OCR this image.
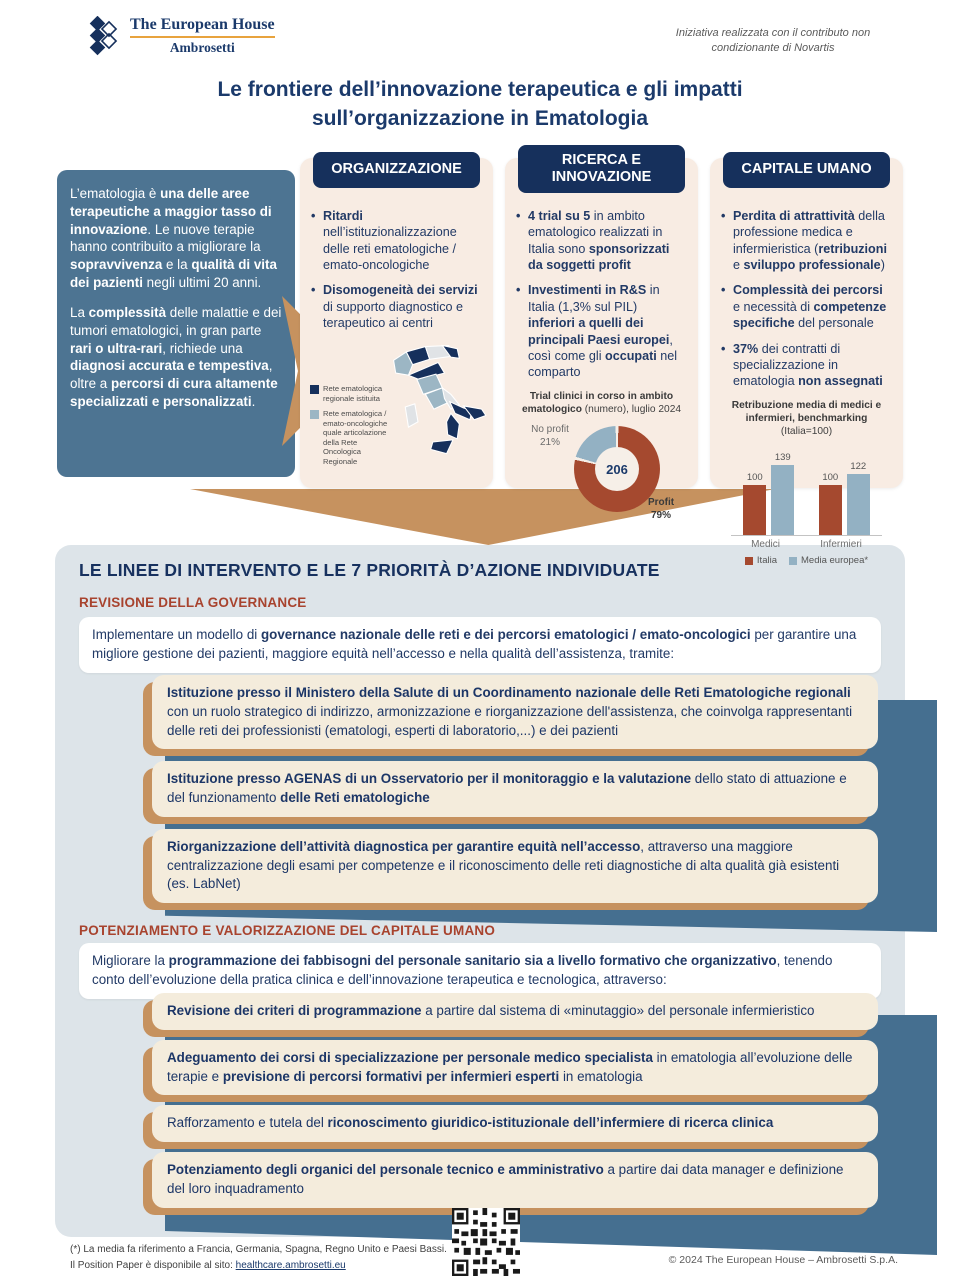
The European House
Ambrosetti
Iniziativa realizzata con il contributo non condizionante di Novartis
Le frontiere dell’innovazione terapeutica e gli impatti
sull’organizzazione in Ematologia

L’ematologia è una delle aree terapeutiche a maggior tasso di innovazione. Le nuove terapie hanno contribuito a migliorare la sopravvivenza e la qualità di vita dei pazienti negli ultimi 20 anni.

La complessità delle malattie e dei tumori ematologici, in gran parte rari o ultra-rari, richiede una diagnosi accurata e tempestiva, oltre a percorsi di cura altamente specializzati e personalizzati.

• Ritardi nell’istituzionalizzazione delle reti ematologiche / emato-oncologiche
• Disomogeneità dei servizi di supporto diagnostico e terapeutico ai centri
Rete ematologica regionale istituita
Rete ematologica / emato-oncologiche quale articolazione della Rete Oncologica Regionale
• 4 trial su 5 in ambito ematologico realizzati in Italia sono sponsorizzati da soggetti profit
• Investimenti in R&S in Italia (1,3% sul PIL) inferiori a quelli dei principali Paesi europei, così come gli occupati nel comparto
Trial clinici in corso in ambito ematologico (numero), luglio 2024
206
No profit
21%
Profit
79%
• Perdita di attrattività della professione medica e infermieristica (retribuzioni e sviluppo professionale)
• Complessità dei percorsi e necessità di competenze specifiche del personale
• 37% dei contratti di specializzazione in ematologia non assegnati
Retribuzione media di medici e infermieri, benchmarking (Italia=100)
100
139
100
122
Medici	Infermieri
Italia	Media europea*
ORGANIZZAZIONE
RICERCA E INNOVAZIONE	CAPITALE UMANO
LE LINEE DI INTERVENTO E LE 7 PRIORITÀ D’AZIONE INDIVIDUATE
REVISIONE DELLA GOVERNANCE
Implementare un modello di governance nazionale delle reti e dei percorsi ematologici / emato-oncologici per garantire una migliore gestione dei pazienti, maggiore equità nell’accesso e nella qualità dell’assistenza, tramite:
Istituzione presso il Ministero della Salute di un Coordinamento nazionale delle Reti Ematologiche regionali con un ruolo strategico di indirizzo, armonizzazione e riorganizzazione dell'assistenza, che coinvolga rappresentanti delle reti dei professionisti (ematologi, esperti di laboratorio,...) e dei pazienti
Istituzione presso AGENAS di un Osservatorio per il monitoraggio e la valutazione dello stato di attuazione e del funzionamento delle Reti ematologiche
Riorganizzazione dell’attività diagnostica per garantire equità nell’accesso, attraverso una maggiore centralizzazione degli esami per competenze e il riconoscimento delle reti diagnostiche di alta qualità già esistenti (es. LabNet)
POTENZIAMENTO E VALORIZZAZIONE DEL CAPITALE UMANO
Migliorare la programmazione dei fabbisogni del personale sanitario sia a livello formativo che organizzativo, tenendo conto dell’evoluzione della pratica clinica e dell’innovazione terapeutica e tecnologica, attraverso:
Revisione dei criteri di programmazione a partire dal sistema di «minutaggio» del personale infermieristico
Adeguamento dei corsi di specializzazione per personale medico specialista in ematologia all’evoluzione delle terapie e previsione di percorsi formativi per infermieri esperti in ematologia
Rafforzamento e tutela del riconoscimento giuridico-istituzionale dell’infermiere di ricerca clinica
Potenziamento degli organici del personale tecnico e amministrativo a partire dai data manager e definizione del loro inquadramento
(*) La media fa riferimento a Francia, Germania, Spagna, Regno Unito e Paesi Bassi.
Il Position Paper è disponibile al sito: healthcare.ambrosetti.eu	© 2024 The European House – Ambrosetti S.p.A.
